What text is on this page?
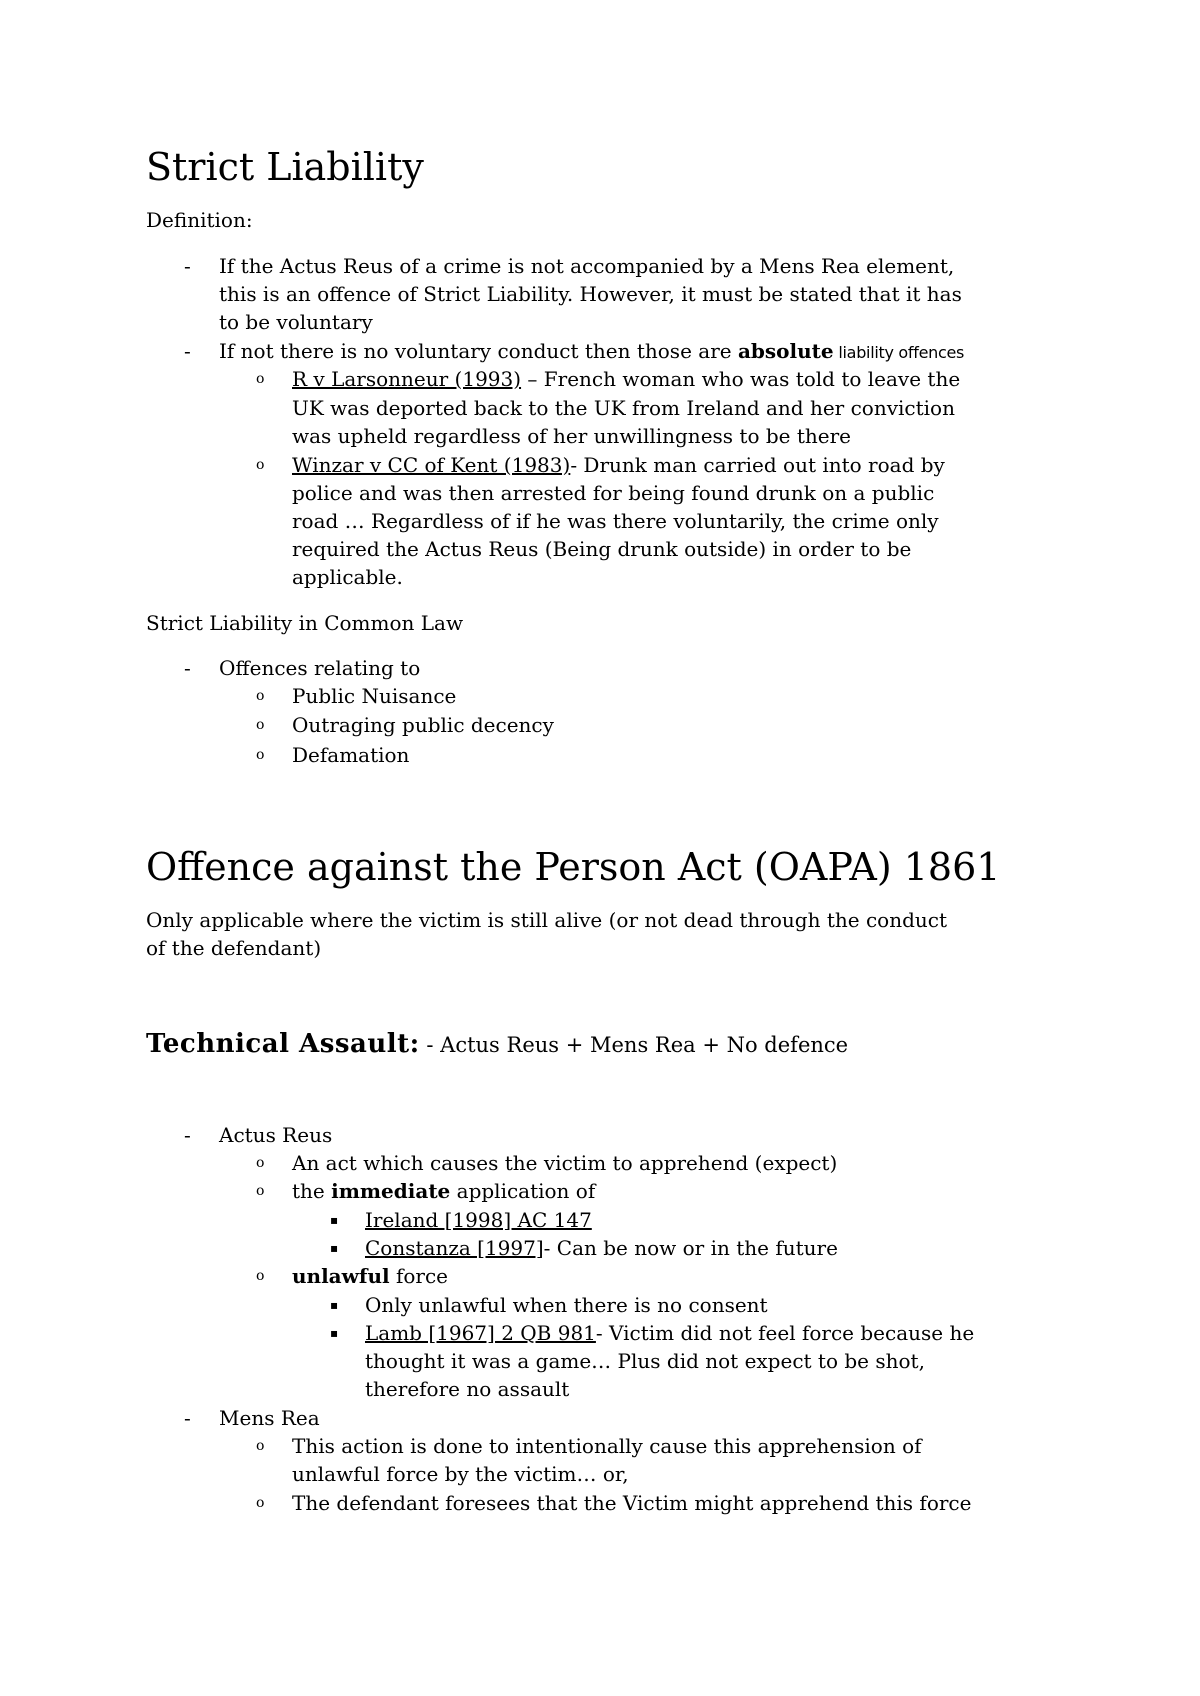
Strict Liability
Definition:
- If the Actus Reus of a crime is not accompanied by a Mens Rea element,
this is an offence of Strict Liability. However, it must be stated that it has
to be voluntary
- If not there is no voluntary conduct then those are absolute liability offences
o R v Larsonneur (1993) – French woman who was told to leave the
UK was deported back to the UK from Ireland and her conviction
was upheld regardless of her unwillingness to be there
o Winzar v CC of Kent (1983)- Drunk man carried out into road by
police and was then arrested for being found drunk on a public
road … Regardless of if he was there voluntarily, the crime only
required the Actus Reus (Being drunk outside) in order to be
applicable.
Strict Liability in Common Law
- Offences relating to
o Public Nuisance
o Outraging public decency
o Defamation
Offence against the Person Act (OAPA) 1861
Only applicable where the victim is still alive (or not dead through the conduct
of the defendant)
Technical Assault: - Actus Reus + Mens Rea + No defence
- Actus Reus
o An act which causes the victim to apprehend (expect)
o the immediate application of
▪ Ireland [1998] AC 147
▪ Constanza [1997]- Can be now or in the future
o unlawful force
▪ Only unlawful when there is no consent
▪ Lamb [1967] 2 QB 981- Victim did not feel force because he
thought it was a game… Plus did not expect to be shot,
therefore no assault
- Mens Rea
o This action is done to intentionally cause this apprehension of
unlawful force by the victim… or,
o The defendant foresees that the Victim might apprehend this force
